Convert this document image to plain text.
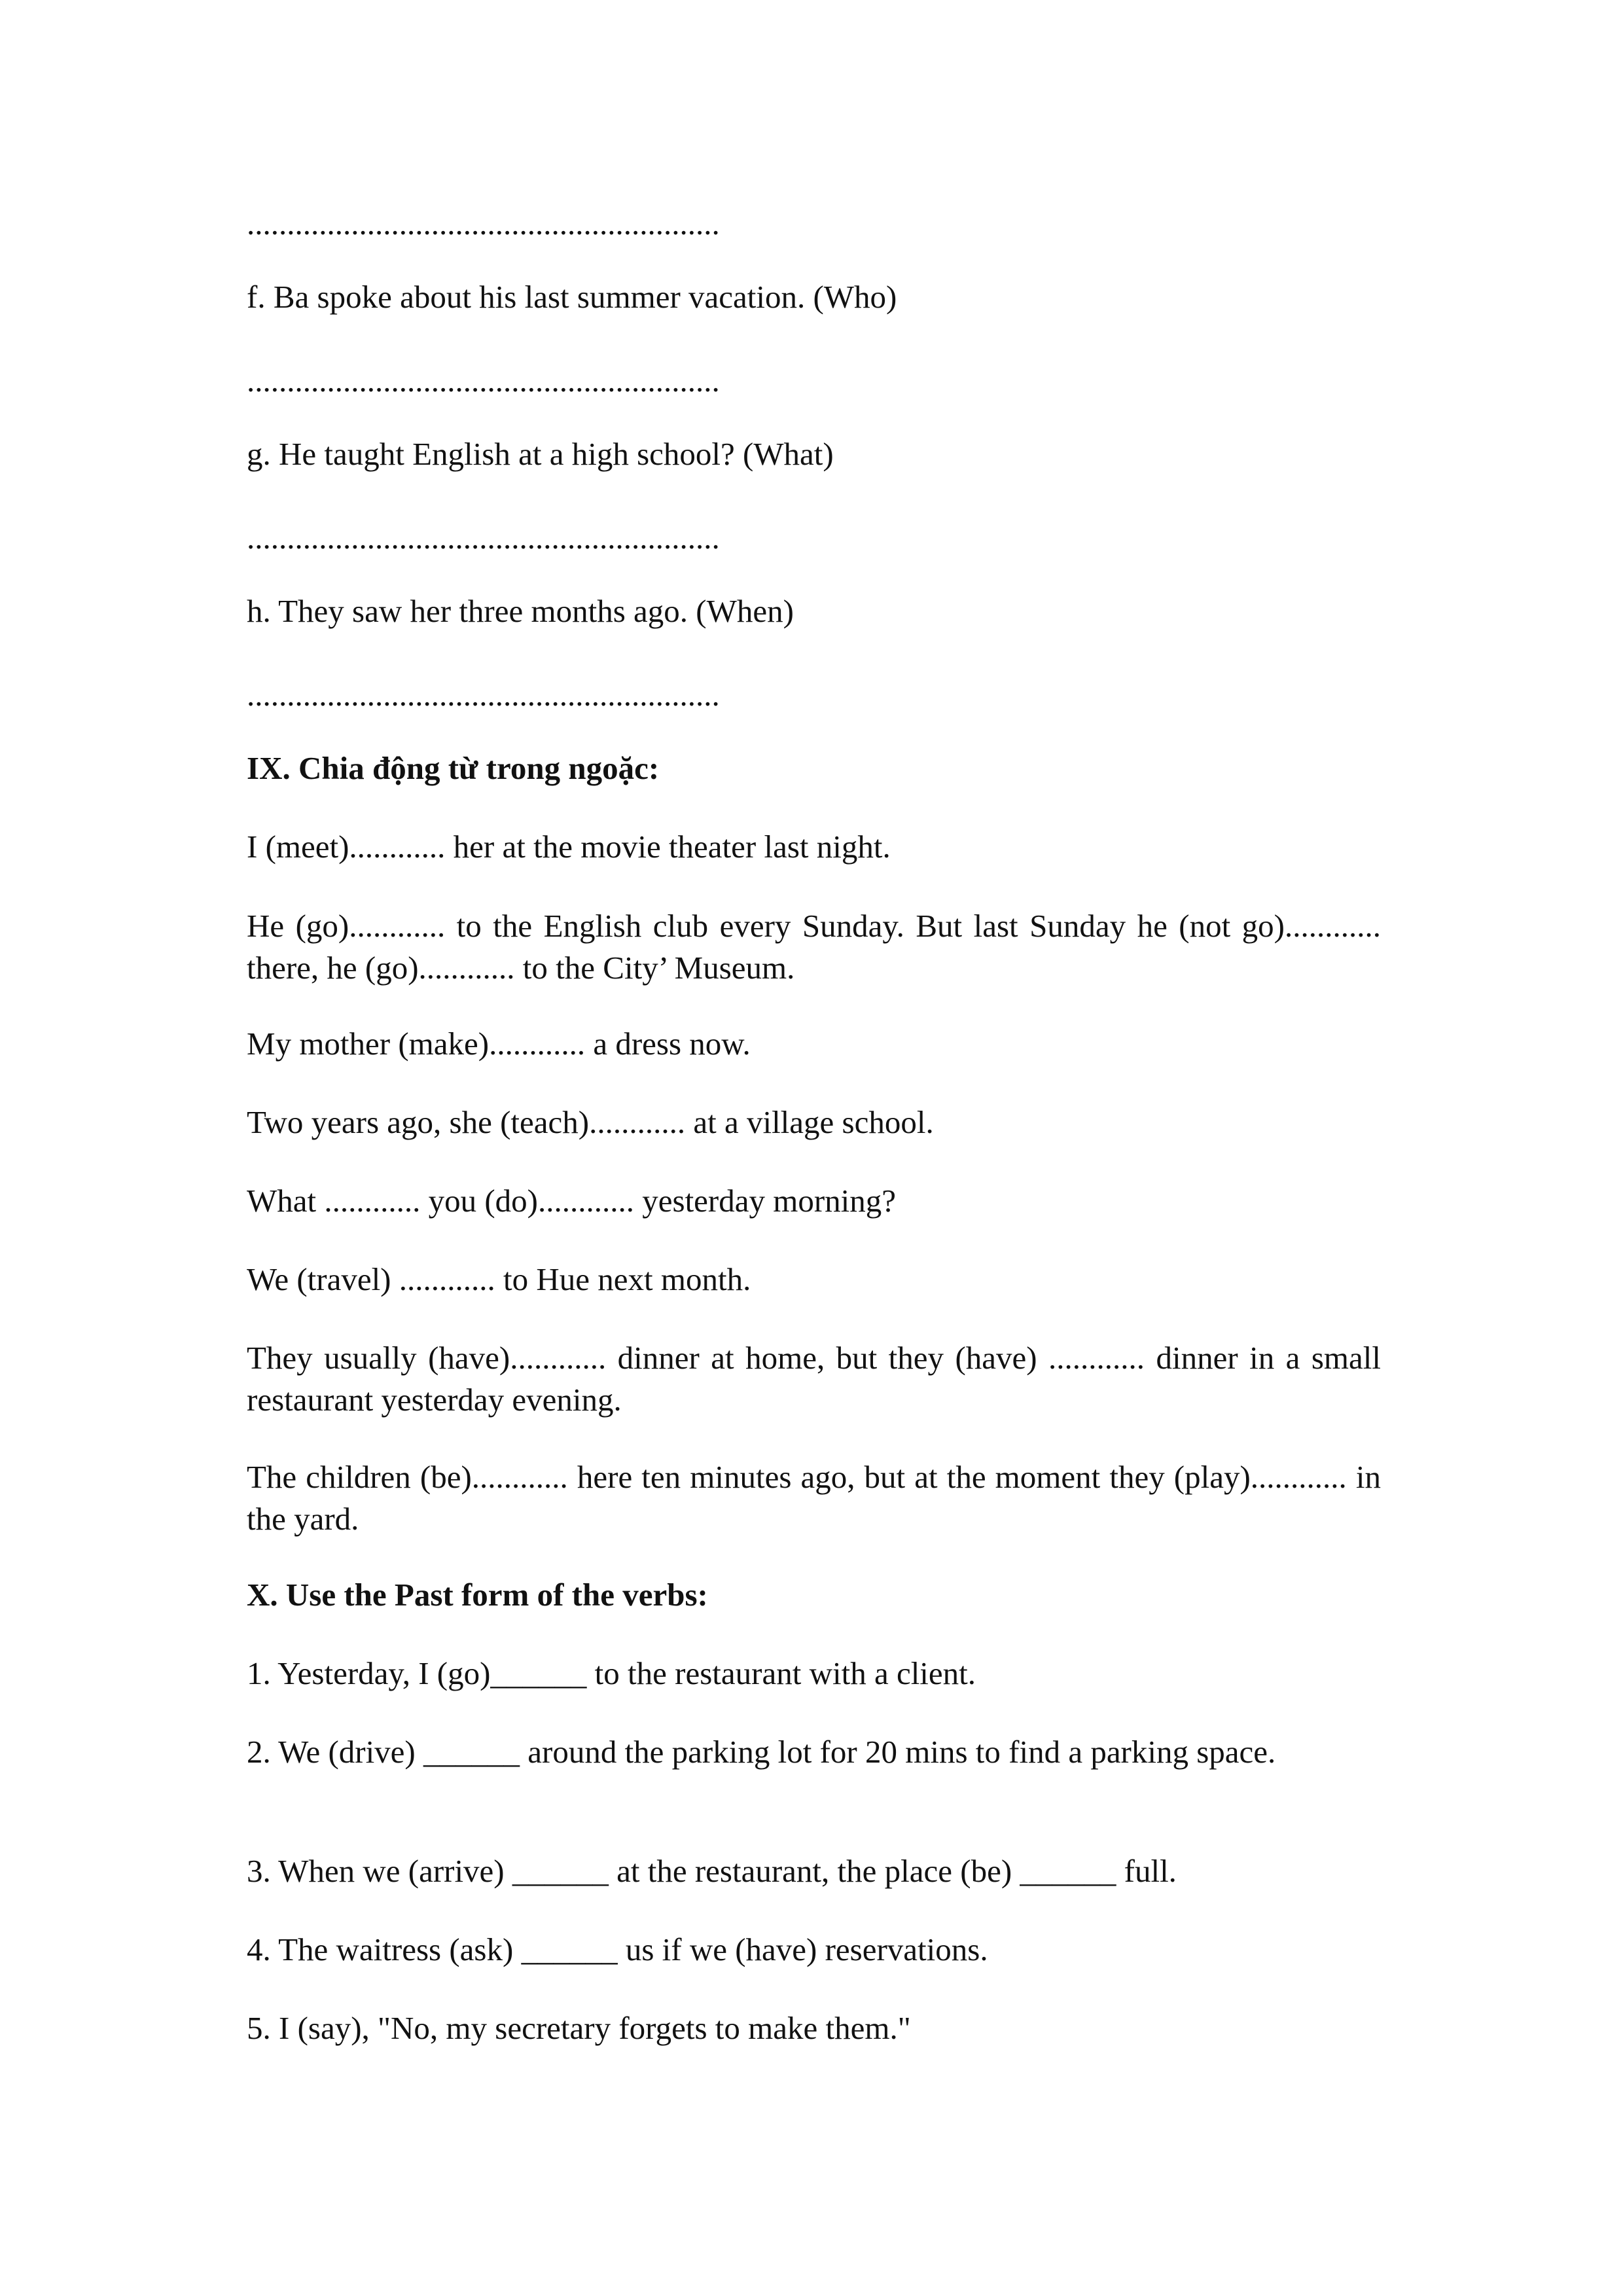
...........................................................
f. Ba spoke about his last summer vacation. (Who)
...........................................................
g. He taught English at a high school? (What)
...........................................................
h. They saw her three months ago. (When)
...........................................................
IX. Chia động từ trong ngoặc:
I (meet)............ her at the movie theater last night.
He (go)............ to the English club every Sunday. But last Sunday he (not go)............ there, he (go)............ to the City’ Museum.
My mother (make)............ a dress now.
Two years ago, she (teach)............ at a village school.
What ............ you (do)............ yesterday morning?
We (travel) ............ to Hue next month.
They usually (have)............ dinner at home, but they (have) ............ dinner in a small restaurant yesterday evening.
The children (be)............ here ten minutes ago, but at the moment they (play)............ in the yard.
X. Use the Past form of the verbs:
1. Yesterday, I (go)______ to the restaurant with a client.
2. We (drive) ______ around the parking lot for 20 mins to find a parking space.
3. When we (arrive) ______ at the restaurant, the place (be) ______ full.
4. The waitress (ask) ______ us if we (have) reservations.
5. I (say), "No, my secretary forgets to make them."
